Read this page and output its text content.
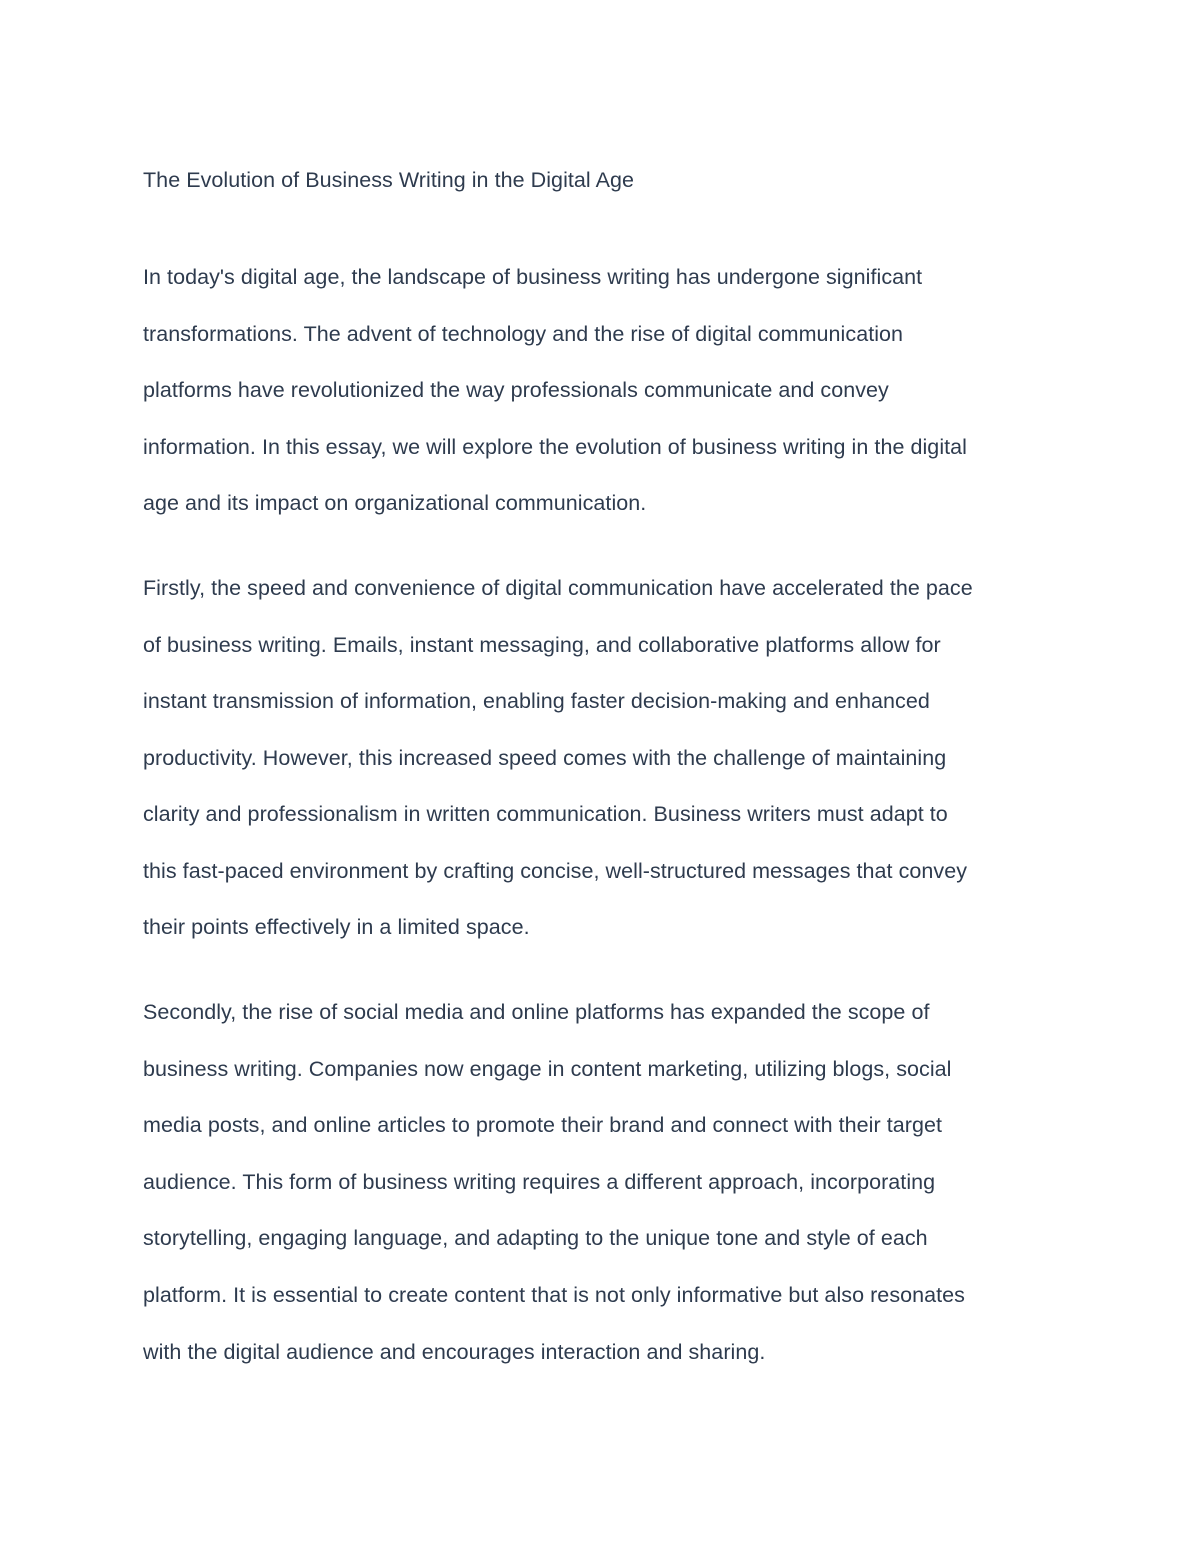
The Evolution of Business Writing in the Digital Age
In today's digital age, the landscape of business writing has undergone significant
transformations. The advent of technology and the rise of digital communication
platforms have revolutionized the way professionals communicate and convey
information. In this essay, we will explore the evolution of business writing in the digital
age and its impact on organizational communication.
Firstly, the speed and convenience of digital communication have accelerated the pace
of business writing. Emails, instant messaging, and collaborative platforms allow for
instant transmission of information, enabling faster decision-making and enhanced
productivity. However, this increased speed comes with the challenge of maintaining
clarity and professionalism in written communication. Business writers must adapt to
this fast-paced environment by crafting concise, well-structured messages that convey
their points effectively in a limited space.
Secondly, the rise of social media and online platforms has expanded the scope of
business writing. Companies now engage in content marketing, utilizing blogs, social
media posts, and online articles to promote their brand and connect with their target
audience. This form of business writing requires a different approach, incorporating
storytelling, engaging language, and adapting to the unique tone and style of each
platform. It is essential to create content that is not only informative but also resonates
with the digital audience and encourages interaction and sharing.
